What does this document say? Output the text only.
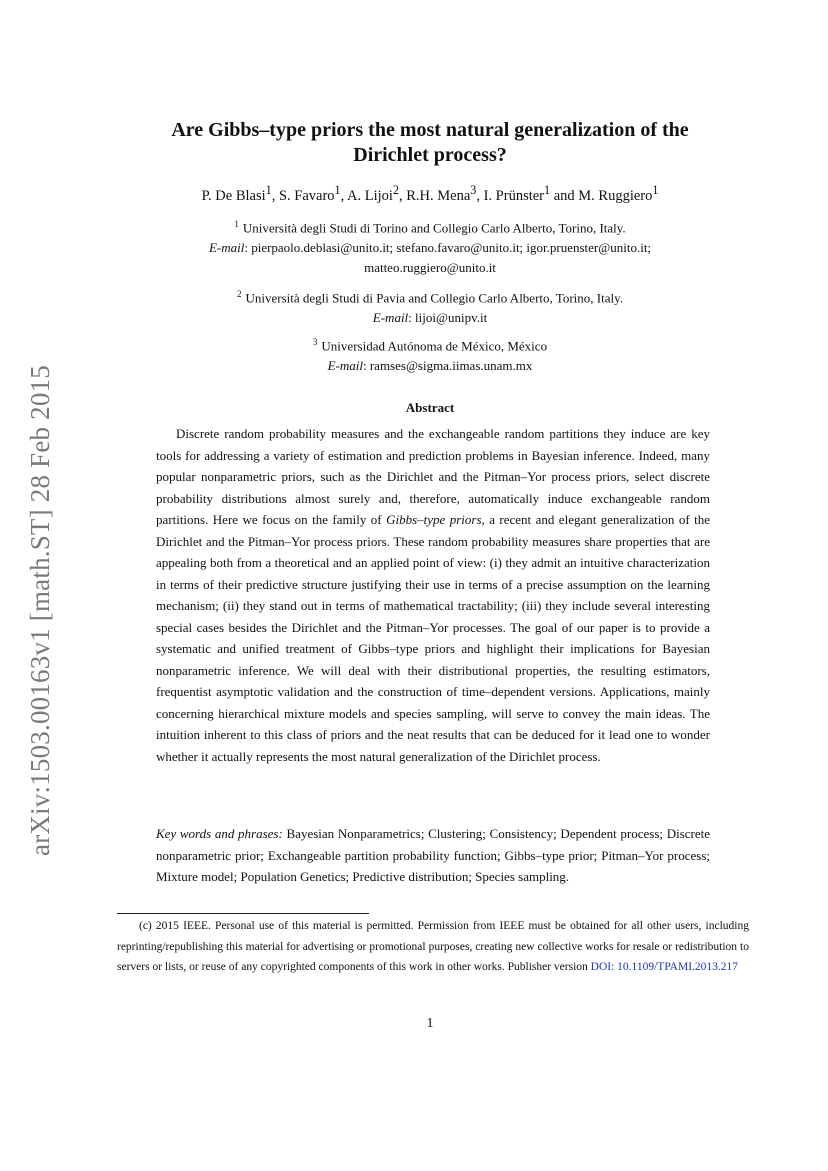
arXiv:1503.00163v1 [math.ST] 28 Feb 2015
Are Gibbs–type priors the most natural generalization of the
Dirichlet process?
P. De Blasi$^1$, S. Favaro$^1$, A. Lijoi$^2$, R.H. Mena$^3$, I. Prünster$^1$ and M. Ruggiero$^1$
$^1$ Università degli Studi di Torino and Collegio Carlo Alberto, Torino, Italy.
E-mail: pierpaolo.deblasi@unito.it; stefano.favaro@unito.it; igor.pruenster@unito.it;
matteo.ruggiero@unito.it
$^2$ Università degli Studi di Pavia and Collegio Carlo Alberto, Torino, Italy.
E-mail: lijoi@unipv.it
$^3$ Universidad Autónoma de México, México
E-mail: ramses@sigma.iimas.unam.mx
Abstract
Discrete random probability measures and the exchangeable random partitions they induce are key tools for addressing a variety of estimation and prediction problems in Bayesian inference. Indeed, many popular nonparametric priors, such as the Dirichlet and the Pitman–Yor process priors, select discrete probability distributions almost surely and, therefore, automatically induce exchangeable random partitions. Here we focus on the family of Gibbs–type priors, a recent and elegant generalization of the Dirichlet and the Pitman–Yor process priors. These random probability measures share properties that are appealing both from a theoretical and an applied point of view: (i) they admit an intuitive characterization in terms of their predictive structure justifying their use in terms of a precise assumption on the learning mechanism; (ii) they stand out in terms of mathematical tractability; (iii) they include several interesting special cases besides the Dirichlet and the Pitman–Yor processes. The goal of our paper is to provide a systematic and unified treatment of Gibbs–type priors and highlight their implications for Bayesian nonparametric inference. We will deal with their distributional properties, the resulting estimators, frequentist asymptotic validation and the construction of time–dependent versions. Applications, mainly concerning hierarchical mixture models and species sampling, will serve to convey the main ideas. The intuition inherent to this class of priors and the neat results that can be deduced for it lead one to wonder whether it actually represents the most natural generalization of the Dirichlet process.
Key words and phrases: Bayesian Nonparametrics; Clustering; Consistency; Dependent process; Discrete nonparametric prior; Exchangeable partition probability function; Gibbs–type prior; Pitman–Yor process; Mixture model; Population Genetics; Predictive distribution; Species sampling.
(c) 2015 IEEE. Personal use of this material is permitted. Permission from IEEE must be obtained for all other users, including reprinting/republishing this material for advertising or promotional purposes, creating new collective works for resale or redistribution to servers or lists, or reuse of any copyrighted components of this work in other works. Publisher version DOI: 10.1109/TPAMI.2013.217
1
